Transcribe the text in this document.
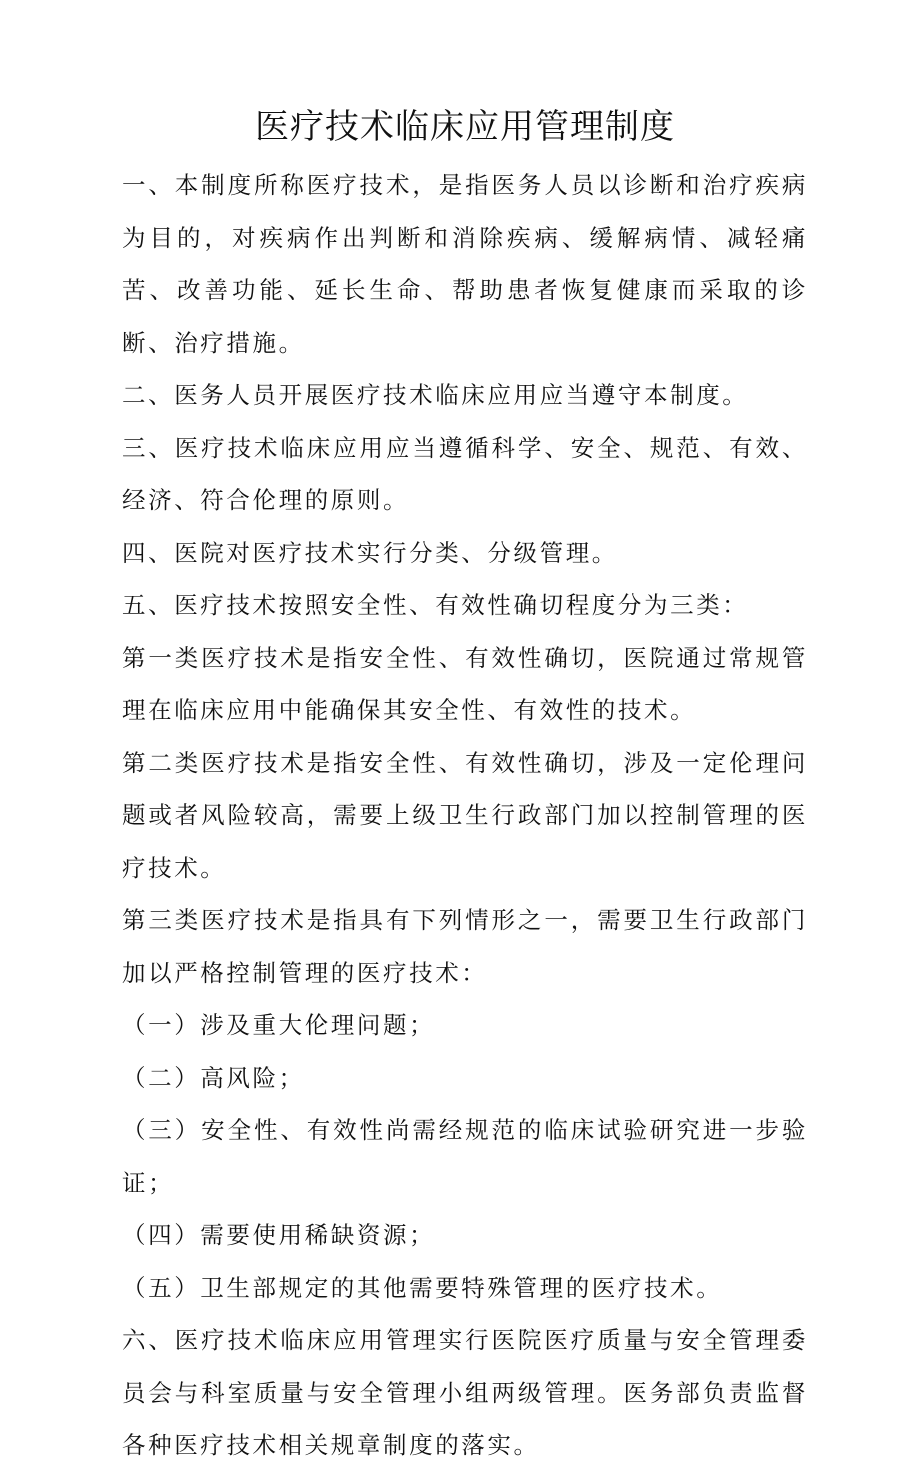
医疗技术临床应用管理制度

一、本制度所称医疗技术，是指医务人员以诊断和治疗疾病为目的，对疾病作出判断和消除疾病、缓解病情、减轻痛苦、改善功能、延长生命、帮助患者恢复健康而采取的诊断、治疗措施。

二、医务人员开展医疗技术临床应用应当遵守本制度。

三、医疗技术临床应用应当遵循科学、安全、规范、有效、经济、符合伦理的原则。

四、医院对医疗技术实行分类、分级管理。

五、医疗技术按照安全性、有效性确切程度分为三类：

第一类医疗技术是指安全性、有效性确切，医院通过常规管理在临床应用中能确保其安全性、有效性的技术。

第二类医疗技术是指安全性、有效性确切，涉及一定伦理问题或者风险较高，需要上级卫生行政部门加以控制管理的医疗技术。

第三类医疗技术是指具有下列情形之一，需要卫生行政部门加以严格控制管理的医疗技术：

（一）涉及重大伦理问题；

（二）高风险；

（三）安全性、有效性尚需经规范的临床试验研究进一步验证；

（四）需要使用稀缺资源；

（五）卫生部规定的其他需要特殊管理的医疗技术。

六、医疗技术临床应用管理实行医院医疗质量与安全管理委员会与科室质量与安全管理小组两级管理。医务部负责监督各种医疗技术相关规章制度的落实。
